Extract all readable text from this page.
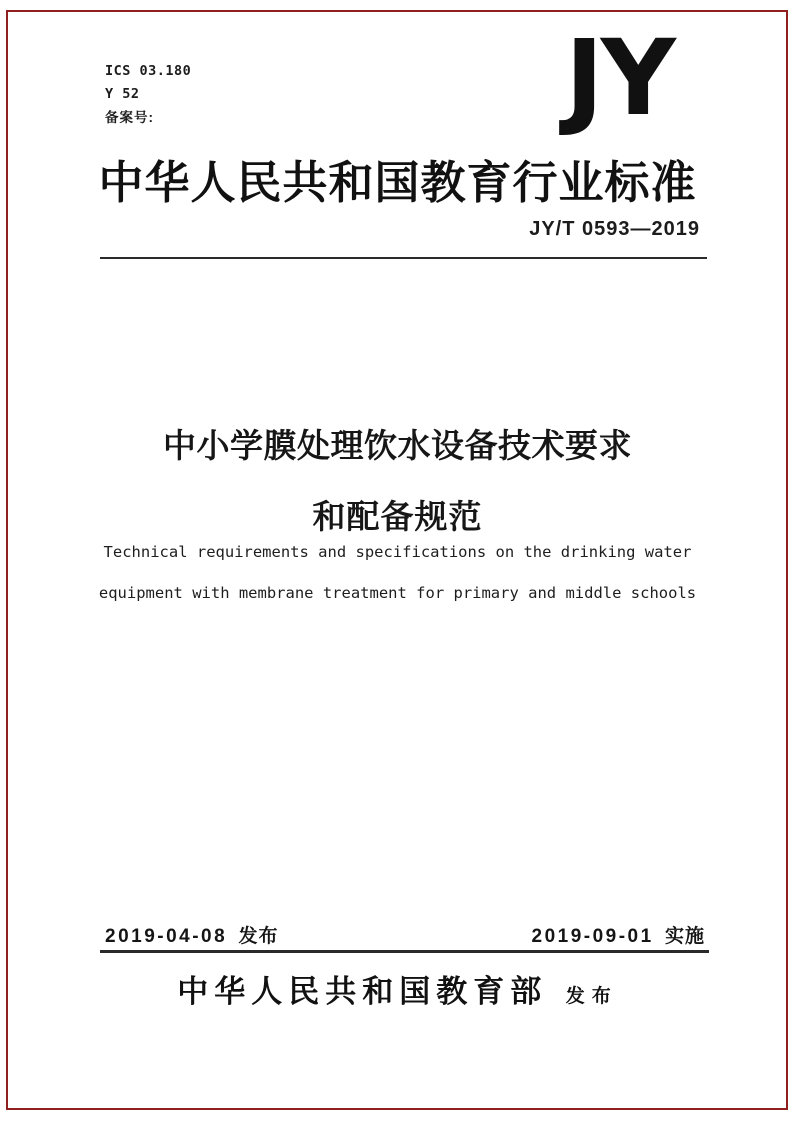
ICS 03.180
Y 52
备案号:	JY
中华人民共和国教育行业标准
JY/T 0593—2019
中小学膜处理饮水设备技术要求
和配备规范
Technical requirements and specifications on the drinking water
equipment with membrane treatment for primary and middle schools
2019-04-08 发布	2019-09-01 实施
中华人民共和国教育部 发布
